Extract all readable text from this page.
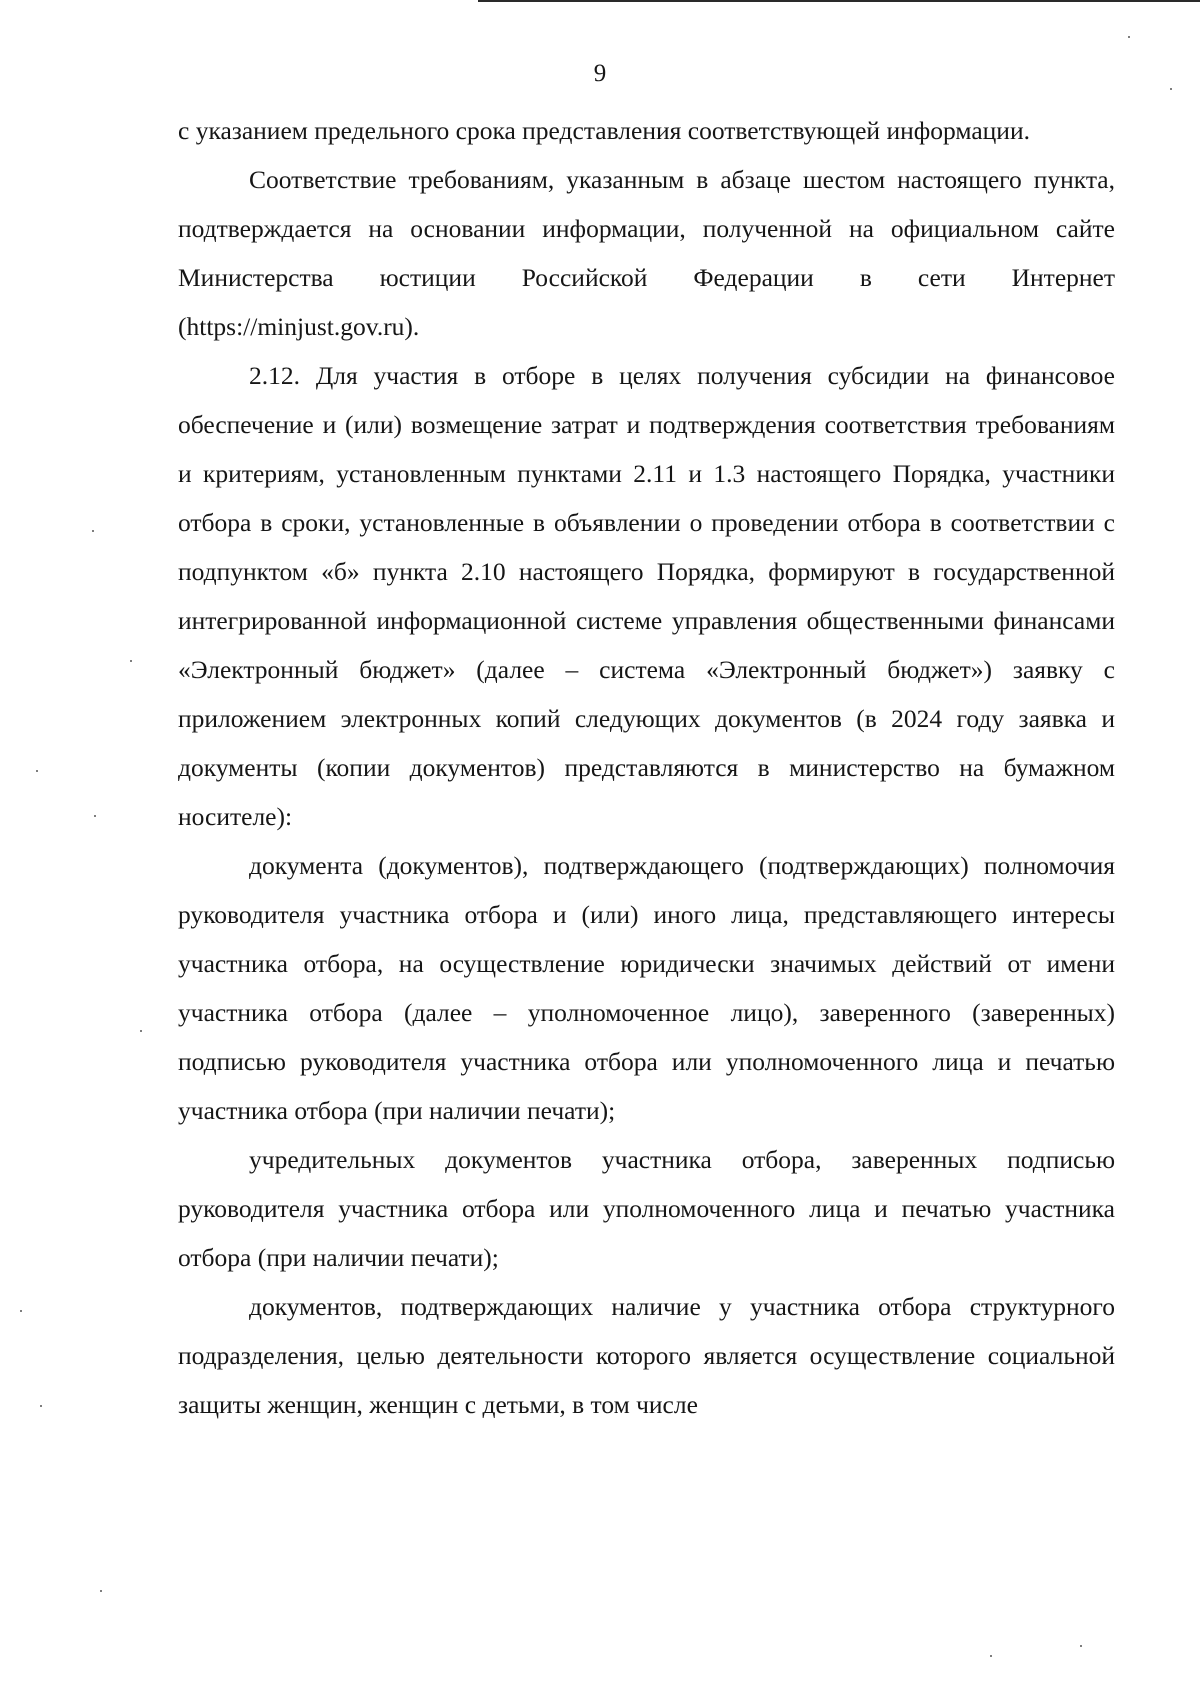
9

с указанием предельного срока представления соответствующей информации.

Соответствие требованиям, указанным в абзаце шестом настоящего пункта, подтверждается на основании информации, полученной на официальном сайте Министерства юстиции Российской Федерации в сети Интернет (https://minjust.gov.ru).

2.12. Для участия в отборе в целях получения субсидии на финансовое обеспечение и (или) возмещение затрат и подтверждения соответствия требованиям и критериям, установленным пунктами 2.11 и 1.3 настоящего Порядка, участники отбора в сроки, установленные в объявлении о проведении отбора в соответствии с подпунктом «б» пункта 2.10 настоящего Порядка, формируют в государственной интегрированной информационной системе управления общественными финансами «Электронный бюджет» (далее – система «Электронный бюджет») заявку с приложением электронных копий следующих документов (в 2024 году заявка и документы (копии документов) представляются в министерство на бумажном носителе):

документа (документов), подтверждающего (подтверждающих) полномочия руководителя участника отбора и (или) иного лица, представляющего интересы участника отбора, на осуществление юридически значимых действий от имени участника отбора (далее – уполномоченное лицо), заверенного (заверенных) подписью руководителя участника отбора или уполномоченного лица и печатью участника отбора (при наличии печати);

учредительных документов участника отбора, заверенных подписью руководителя участника отбора или уполномоченного лица и печатью участника отбора (при наличии печати);

документов, подтверждающих наличие у участника отбора структурного подразделения, целью деятельности которого является осуществление социальной защиты женщин, женщин с детьми, в том числе
